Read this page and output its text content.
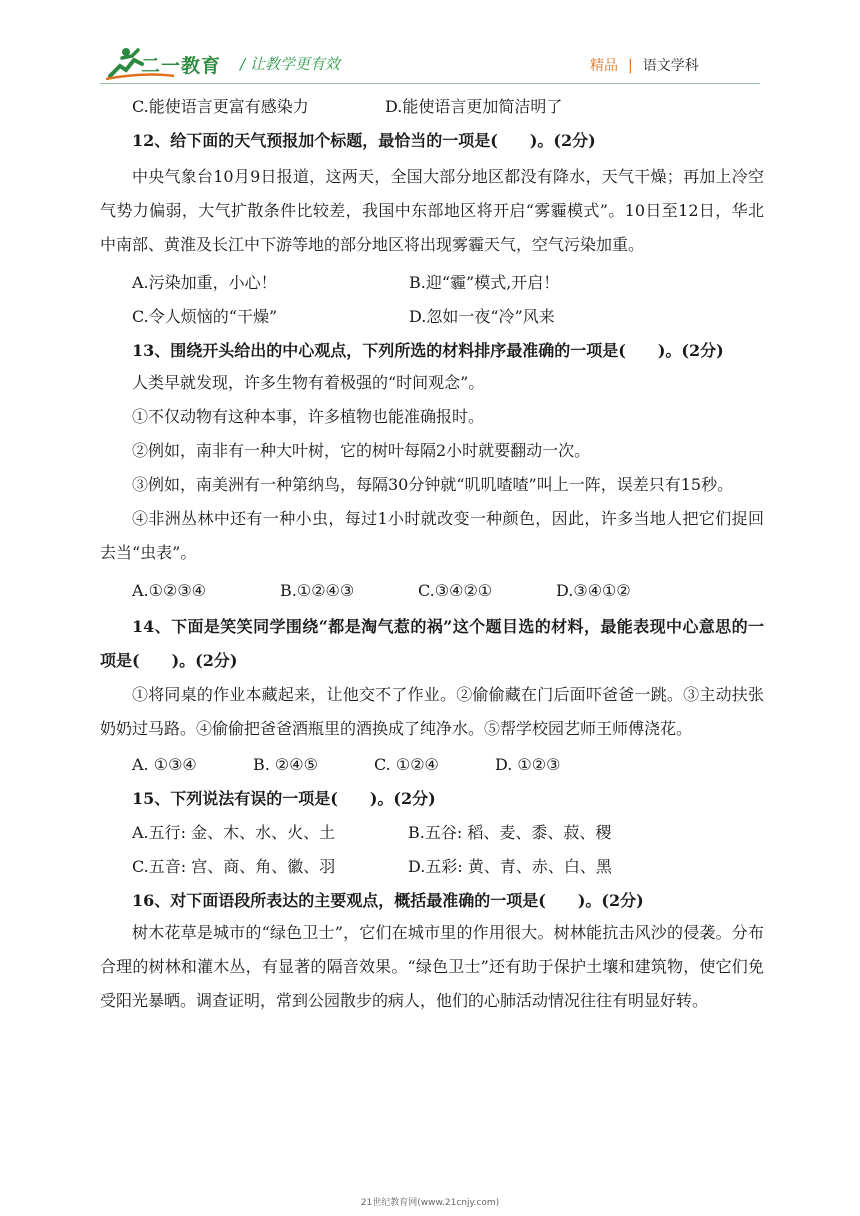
二一教育 / 让教学更有效	精品 | 语文学科
C.能使语言更富有感染力	D.能使语言更加简洁明了
12、给下面的天气预报加个标题，最恰当的一项是(　　)。(2分)
中央气象台10月9日报道，这两天，全国大部分地区都没有降水，天气干燥；再加上冷空气势力偏弱，大气扩散条件比较差，我国中东部地区将开启“雾霾模式”。10日至12日，华北中南部、黄淮及长江中下游等地的部分地区将出现雾霾天气，空气污染加重。
A.污染加重，小心！	B.迎“霾”模式,开启！
C.令人烦恼的“干燥”	D.忽如一夜“冷”风来
13、围绕开头给出的中心观点，下列所选的材料排序最准确的一项是(　　)。(2分)
人类早就发现，许多生物有着极强的“时间观念”。
①不仅动物有这种本事，许多植物也能准确报时。
②例如，南非有一种大叶树，它的树叶每隔2小时就要翻动一次。
③例如，南美洲有一种第纳鸟，每隔30分钟就“叽叽喳喳”叫上一阵，误差只有15秒。
④非洲丛林中还有一种小虫，每过1小时就改变一种颜色，因此，许多当地人把它们捉回去当“虫表”。
A.①②③④	B.①②④③	C.③④②①	D.③④①②
14、下面是笑笑同学围绕“都是淘气惹的祸”这个题目选的材料，最能表现中心意思的一项是(　　)。(2分)
①将同桌的作业本藏起来，让他交不了作业。②偷偷藏在门后面吓爸爸一跳。③主动扶张奶奶过马路。④偷偷把爸爸酒瓶里的酒换成了纯净水。⑤帮学校园艺师王师傅浇花。
A. ①③④	B. ②④⑤	C. ①②④	D. ①②③
15、下列说法有误的一项是(　　)。(2分)
A.五行: 金、木、水、火、土	B.五谷: 稻、麦、黍、菽、稷
C.五音: 宫、商、角、徽、羽	D.五彩: 黄、青、赤、白、黑
16、对下面语段所表达的主要观点，概括最准确的一项是(　　)。(2分)
树木花草是城市的“绿色卫士”，它们在城市里的作用很大。树林能抗击风沙的侵袭。分布合理的树林和灌木丛，有显著的隔音效果。“绿色卫士”还有助于保护土壤和建筑物，使它们免受阳光暴晒。调查证明，常到公园散步的病人，他们的心肺活动情况往往有明显好转。
21世纪教育网(www.21cnjy.com)
